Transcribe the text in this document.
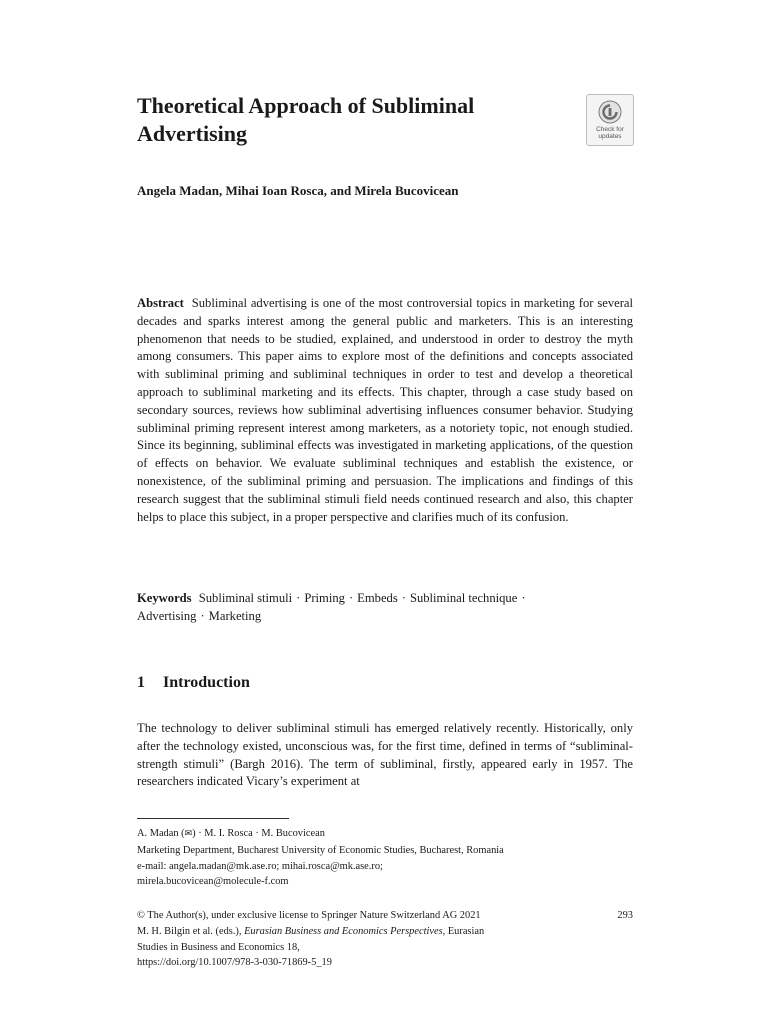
Theoretical Approach of Subliminal Advertising	Check for
updates

Angela Madan, Mihai Ioan Rosca, and Mirela Bucovicean

Abstract Subliminal advertising is one of the most controversial topics in marketing for several decades and sparks interest among the general public and marketers. This is an interesting phenomenon that needs to be studied, explained, and understood in order to destroy the myth among consumers. This paper aims to explore most of the definitions and concepts associated with subliminal priming and subliminal techniques in order to test and develop a theoretical approach to subliminal marketing and its effects. This chapter, through a case study based on secondary sources, reviews how subliminal advertising influences consumer behavior. Studying subliminal priming represent interest among marketers, as a notoriety topic, not enough studied. Since its beginning, subliminal effects was investigated in marketing applications, of the question of effects on behavior. We evaluate subliminal techniques and establish the existence, or nonexistence, of the subliminal priming and persuasion. The implications and findings of this research suggest that the subliminal stimuli field needs continued research and also, this chapter helps to place this subject, in a proper perspective and clarifies much of its confusion.

Keywords Subliminal stimuli · Priming · Embeds · Subliminal technique ·
Advertising · Marketing

1 Introduction

The technology to deliver subliminal stimuli has emerged relatively recently. Historically, only after the technology existed, unconscious was, for the first time, defined in terms of “subliminal-strength stimuli” (Bargh 2016). The term of subliminal, firstly, appeared early in 1957. The researchers indicated Vicary’s experiment at

A. Madan (✉) · M. I. Rosca · M. Bucovicean
Marketing Department, Bucharest University of Economic Studies, Bucharest, Romania
e-mail: angela.madan@mk.ase.ro; mihai.rosca@mk.ase.ro;
mirela.bucovicean@molecule-f.com
293
© The Author(s), under exclusive license to Springer Nature Switzerland AG 2021
M. H. Bilgin et al. (eds.), Eurasian Business and Economics Perspectives, Eurasian
Studies in Business and Economics 18,
https://doi.org/10.1007/978-3-030-71869-5_19
